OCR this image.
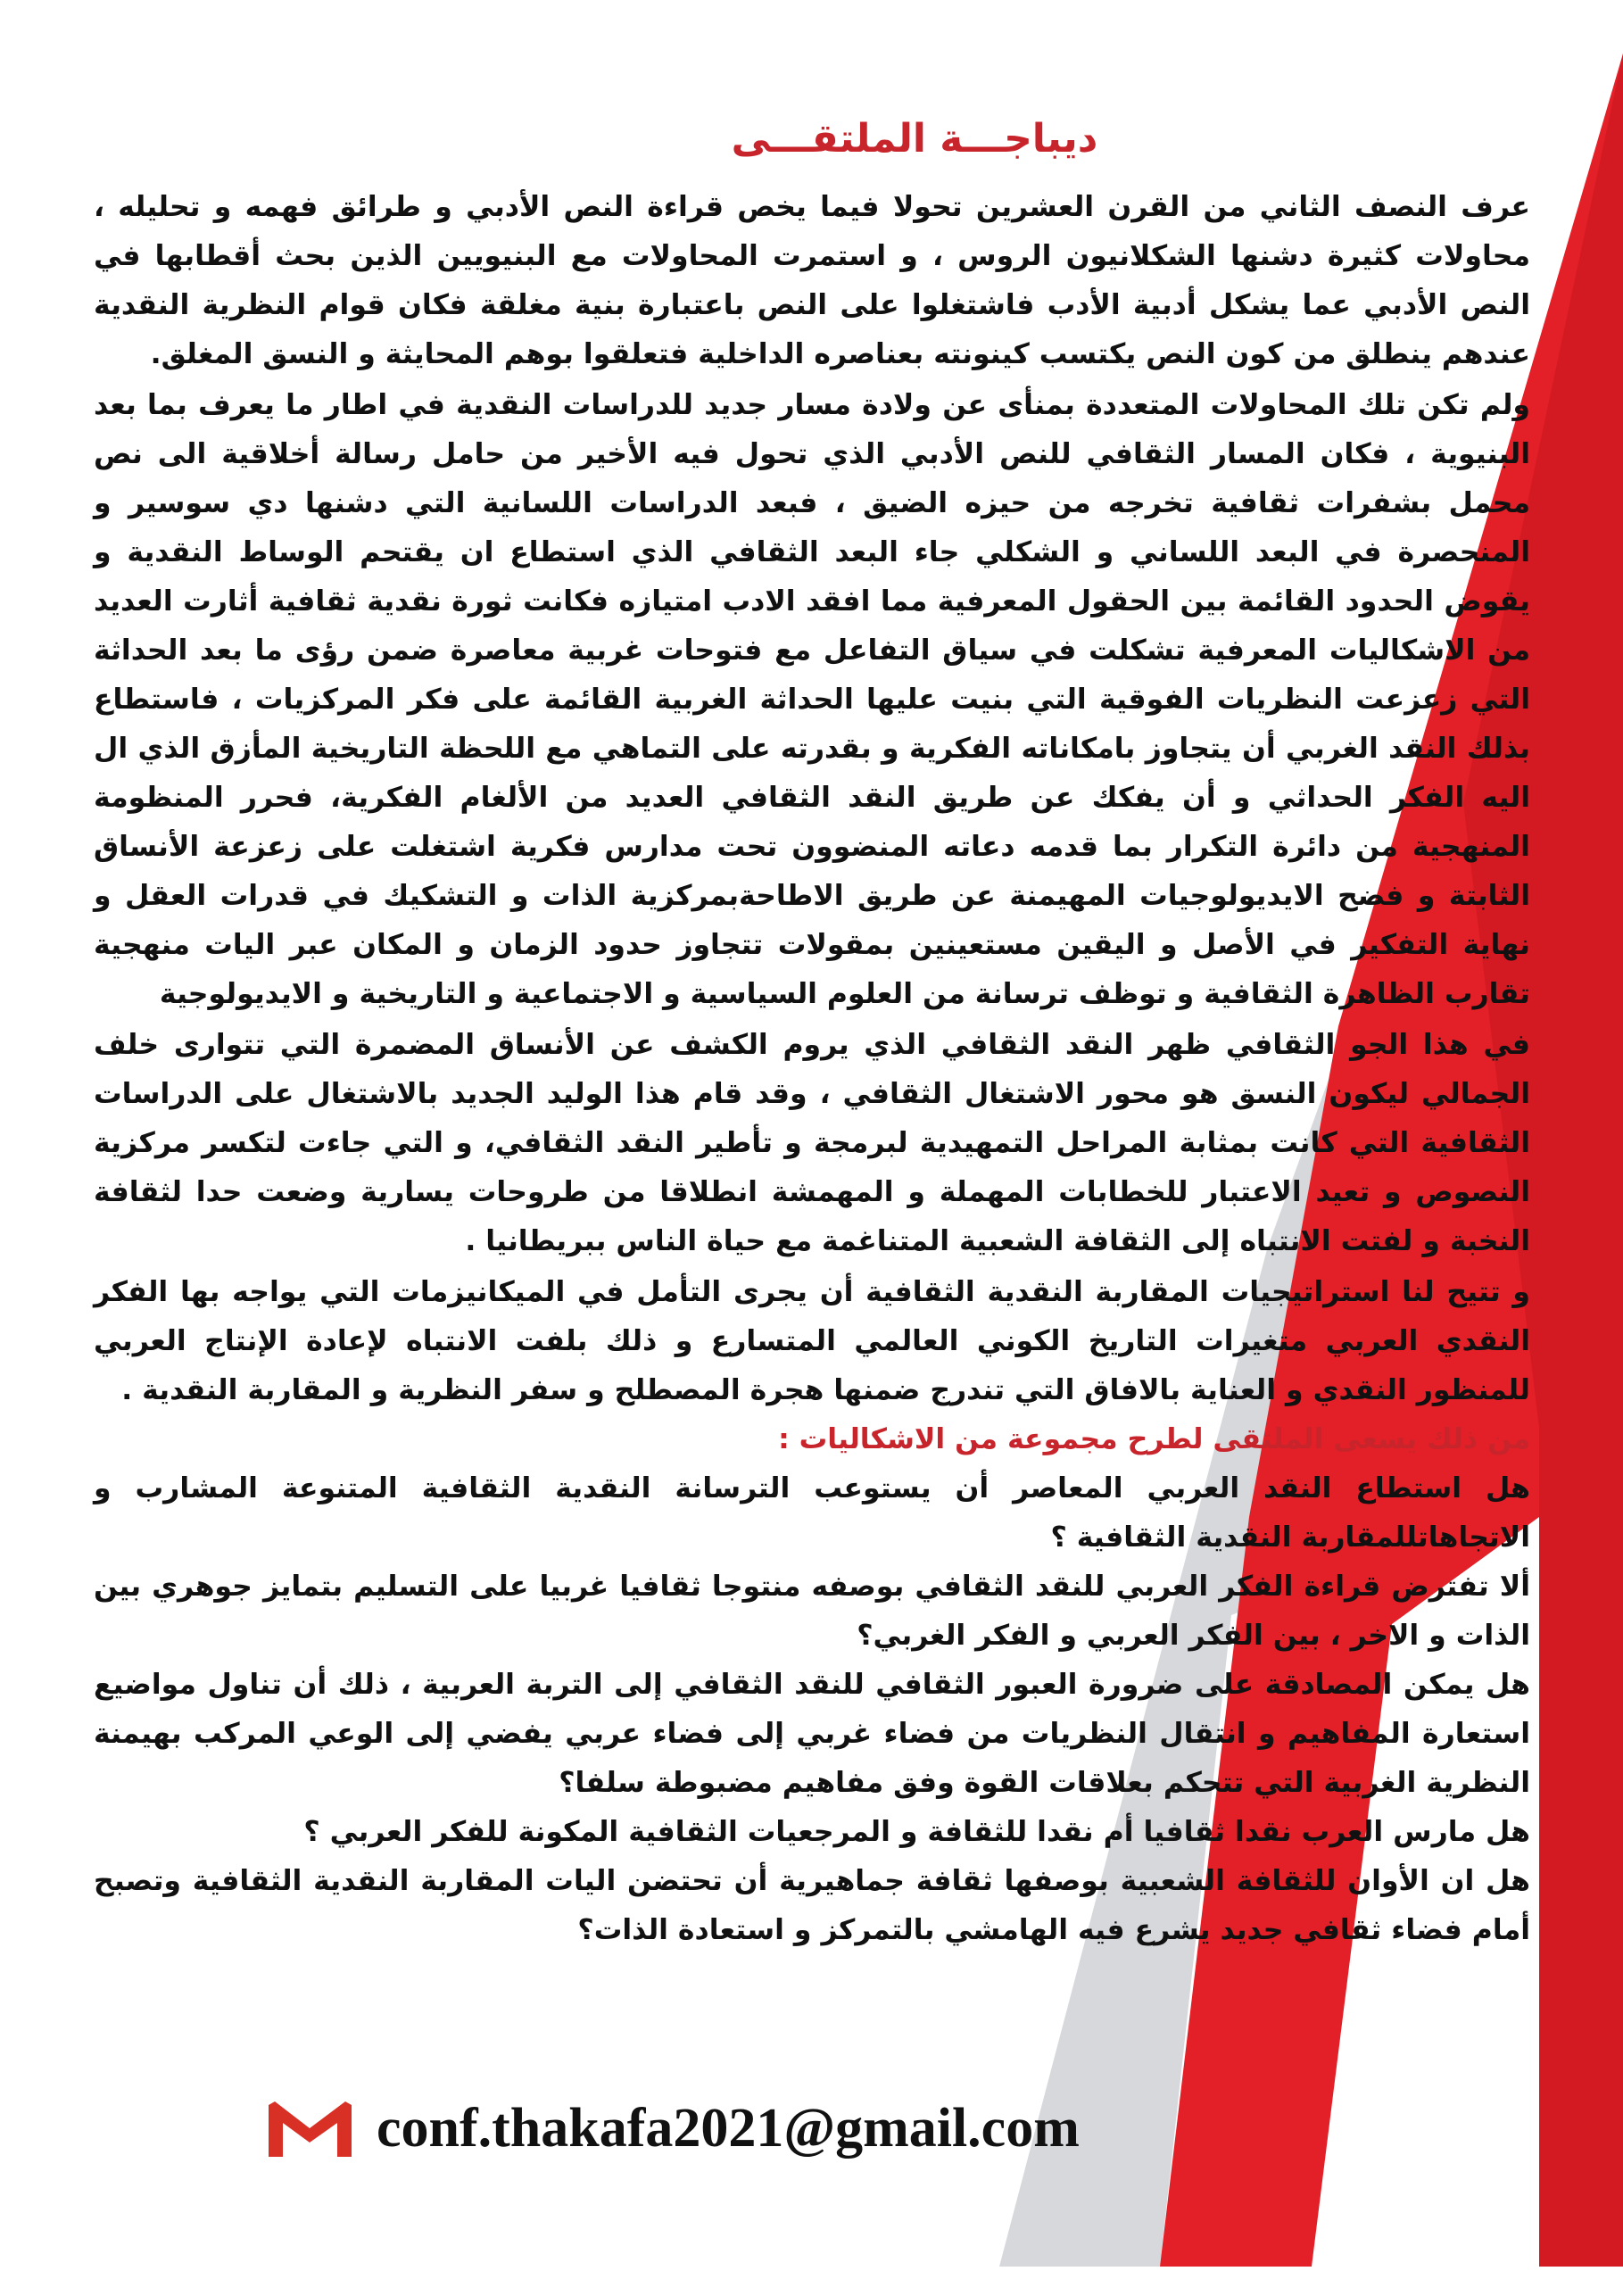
ديباجـــة الملتقـــى

عرف النصف الثاني من القرن العشرين تحولا فيما يخص قراءة النص الأدبي و طرائق فهمه و تحليله ، محاولات كثيرة دشنها الشكلانيون الروس ، و استمرت المحاولات مع البنيويين الذين بحث أقطابها في النص الأدبي عما يشكل أدبية الأدب فاشتغلوا على النص باعتبارة بنية مغلقة فكان قوام النظرية النقدية عندهم ينطلق من كون النص يكتسب كينونته بعناصره الداخلية فتعلقوا بوهم المحايثة و النسق المغلق.

ولم تكن تلك المحاولات المتعددة بمنأى عن ولادة مسار جديد للدراسات النقدية في اطار ما يعرف بما بعد البنيوية ، فكان المسار الثقافي للنص الأدبي الذي تحول فيه الأخير من حامل رسالة أخلاقية الى نص محمل بشفرات ثقافية تخرجه من حيزه الضيق ، فبعد الدراسات اللسانية التي دشنها دي سوسير و المنحصرة في البعد اللساني و الشكلي جاء البعد الثقافي الذي استطاع ان يقتحم الوساط النقدية و يقوض الحدود القائمة بين الحقول المعرفية مما افقد الادب امتيازه فكانت ثورة نقدية ثقافية أثارت العديد من الاشكاليات المعرفية تشكلت في سياق التفاعل مع فتوحات غربية معاصرة ضمن رؤى ما بعد الحداثة التي زعزعت النظريات الفوقية التي بنيت عليها الحداثة الغربية القائمة على فكر المركزيات ، فاستطاع بذلك النقد الغربي أن يتجاوز بامكاناته الفكرية و بقدرته على التماهي مع اللحظة التاريخية المأزق الذي ال اليه الفكر الحداثي و أن يفكك عن طريق النقد الثقافي العديد من الألغام الفكرية، فحرر المنظومة المنهجية من دائرة التكرار بما قدمه دعاته المنضوون تحت مدارس فكرية اشتغلت على زعزعة الأنساق الثابتة و فضح الايديولوجيات المهيمنة عن طريق الاطاحةبمركزية الذات و التشكيك في قدرات العقل و نهاية التفكير في الأصل و اليقين مستعينين بمقولات تتجاوز حدود الزمان و المكان عبر اليات منهجية تقارب الظاهرة الثقافية و توظف ترسانة من العلوم السياسية و الاجتماعية و التاريخية و الايديولوجية

في هذا الجو الثقافي ظهر النقد الثقافي الذي يروم الكشف عن الأنساق المضمرة التي تتوارى خلف الجمالي ليكون النسق هو محور الاشتغال الثقافي ، وقد قام هذا الوليد الجديد بالاشتغال على الدراسات الثقافية التي كانت بمثابة المراحل التمهيدية لبرمجة و تأطير النقد الثقافي، و التي جاءت لتكسر مركزية النصوص و تعيد الاعتبار للخطابات المهملة و المهمشة انطلاقا من طروحات يسارية وضعت حدا لثقافة النخبة و لفتت الانتباه إلى الثقافة الشعبية المتناغمة مع حياة الناس ببريطانيا .

و تتيح لنا استراتيجيات المقاربة النقدية الثقافية أن يجرى التأمل في الميكانيزمات التي يواجه بها الفكر النقدي العربي متغيرات التاريخ الكوني العالمي المتسارع و ذلك بلفت الانتباه لإعادة الإنتاج العربي للمنظور النقدي و العناية بالافاق التي تندرج ضمنها هجرة المصطلح و سفر النظرية و المقاربة النقدية .

من ذلك يسعى الملتقى لطرح مجموعة من الاشكاليات :

هل استطاع النقد العربي المعاصر أن يستوعب الترسانة النقدية الثقافية المتنوعة المشارب و الاتجاهاتللمقاربة النقدية الثقافية ؟

ألا تفترض قراءة الفكر العربي للنقد الثقافي بوصفه منتوجا ثقافيا غربيا على التسليم بتمايز جوهري بين الذات و الاخر ، بين الفكر العربي و الفكر الغربي؟

هل يمكن المصادقة على ضرورة العبور الثقافي للنقد الثقافي إلى التربة العربية ، ذلك أن تناول مواضيع استعارة المفاهيم و انتقال النظريات من فضاء غربي إلى فضاء عربي يفضي إلى الوعي المركب بهيمنة النظرية الغربية التي تتحكم بعلاقات القوة وفق مفاهيم مضبوطة سلفا؟

هل مارس العرب نقدا ثقافيا أم نقدا للثقافة و المرجعيات الثقافية المكونة للفكر العربي ؟

هل ان الأوان للثقافة الشعبية بوصفها ثقافة جماهيرية أن تحتضن اليات المقاربة النقدية الثقافية وتصبح أمام فضاء ثقافي جديد يشرع فيه الهامشي بالتمركز و استعادة الذات؟

conf.thakafa2021@gmail.com
